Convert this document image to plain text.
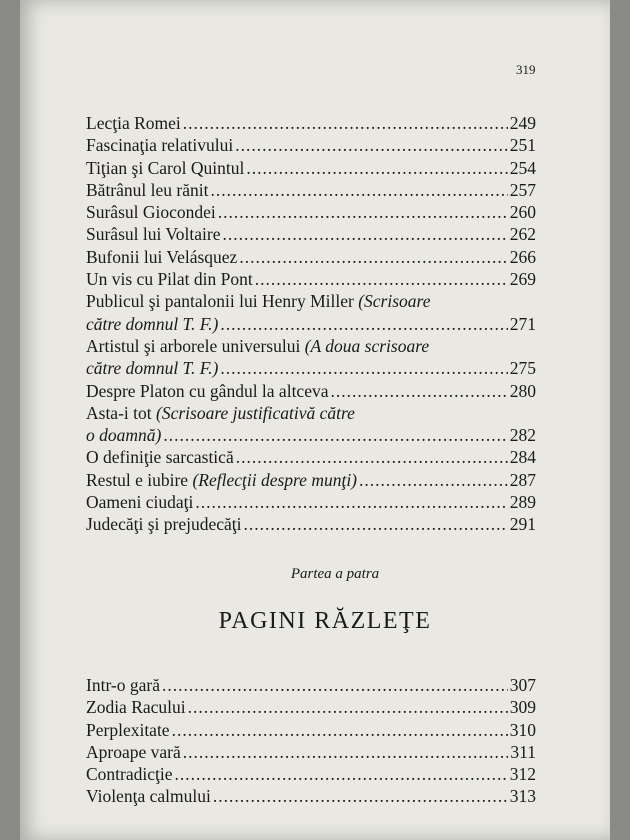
319
Lecţia Romei .....	249
Fascinaţia relativului .....	251
Tiţian şi Carol Quintul .....	254
Bătrânul leu rănit .....	257
Surâsul Giocondei .....	260
Surâsul lui Voltaire .....	262
Bufonii lui Velásquez .....	266
Un vis cu Pilat din Pont .....	269
Publicul şi pantalonii lui Henry Miller (Scrisoare
către domnul T. F.) .....	271
Artistul şi arborele universului (A doua scrisoare
către domnul T. F.) .....	275
Despre Platon cu gândul la altceva .....	280
Asta-i tot (Scrisoare justificativă către
o doamnă) .....	282
O definiţie sarcastică .....	284
Restul e iubire (Reflecţii despre munţi) .....	287
Oameni ciudaţi .....	289
Judecăţi şi prejudecăţi .....	291
Partea a patra
PAGINI RĂZLEŢE
Intr-o gară .....	307
Zodia Racului .....	309
Perplexitate .....	310
Aproape vară .....	311
Contradicţie .....	312
Violenţa calmului .....	313
